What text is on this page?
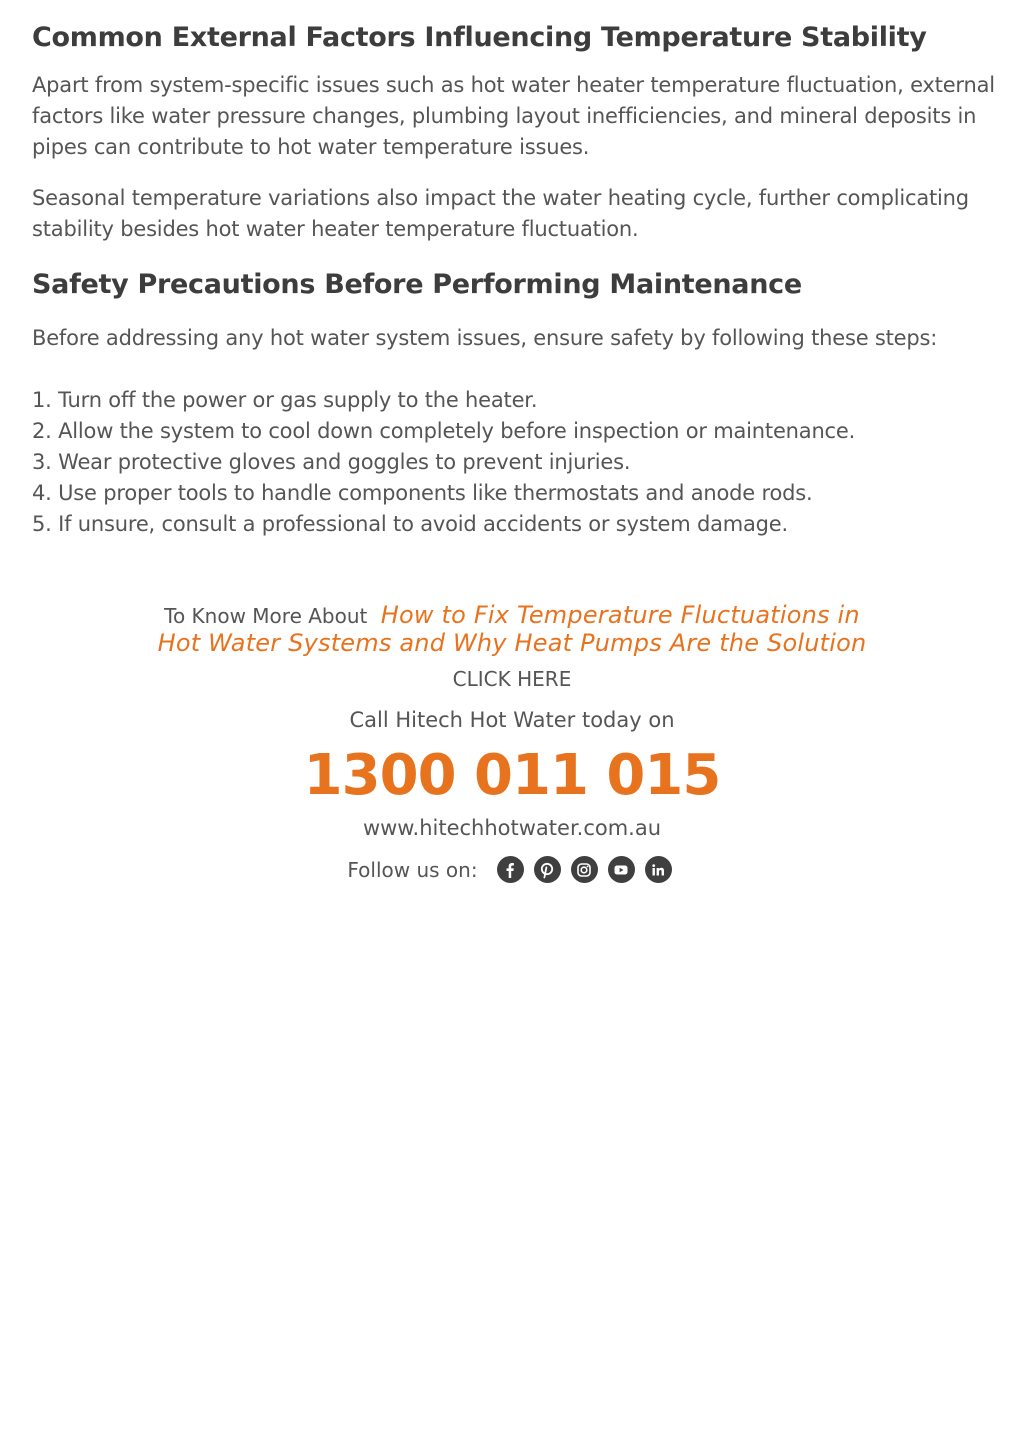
Common External Factors Influencing Temperature Stability

Apart from system-specific issues such as hot water heater temperature fluctuation, external factors like water pressure changes, plumbing layout inefficiencies, and mineral deposits in pipes can contribute to hot water temperature issues.

Seasonal temperature variations also impact the water heating cycle, further complicating stability besides hot water heater temperature fluctuation.

Safety Precautions Before Performing Maintenance

Before addressing any hot water system issues, ensure safety by following these steps:

1. Turn off the power or gas supply to the heater.
2. Allow the system to cool down completely before inspection or maintenance.
3. Wear protective gloves and goggles to prevent injuries.
4. Use proper tools to handle components like thermostats and anode rods.
5. If unsure, consult a professional to avoid accidents or system damage.
To Know More About How to Fix Temperature Fluctuations in
Hot Water Systems and Why Heat Pumps Are the Solution
CLICK HERE
Call Hitech Hot Water today on
1300 011 015
www.hitechhotwater.com.au
Follow us on:
